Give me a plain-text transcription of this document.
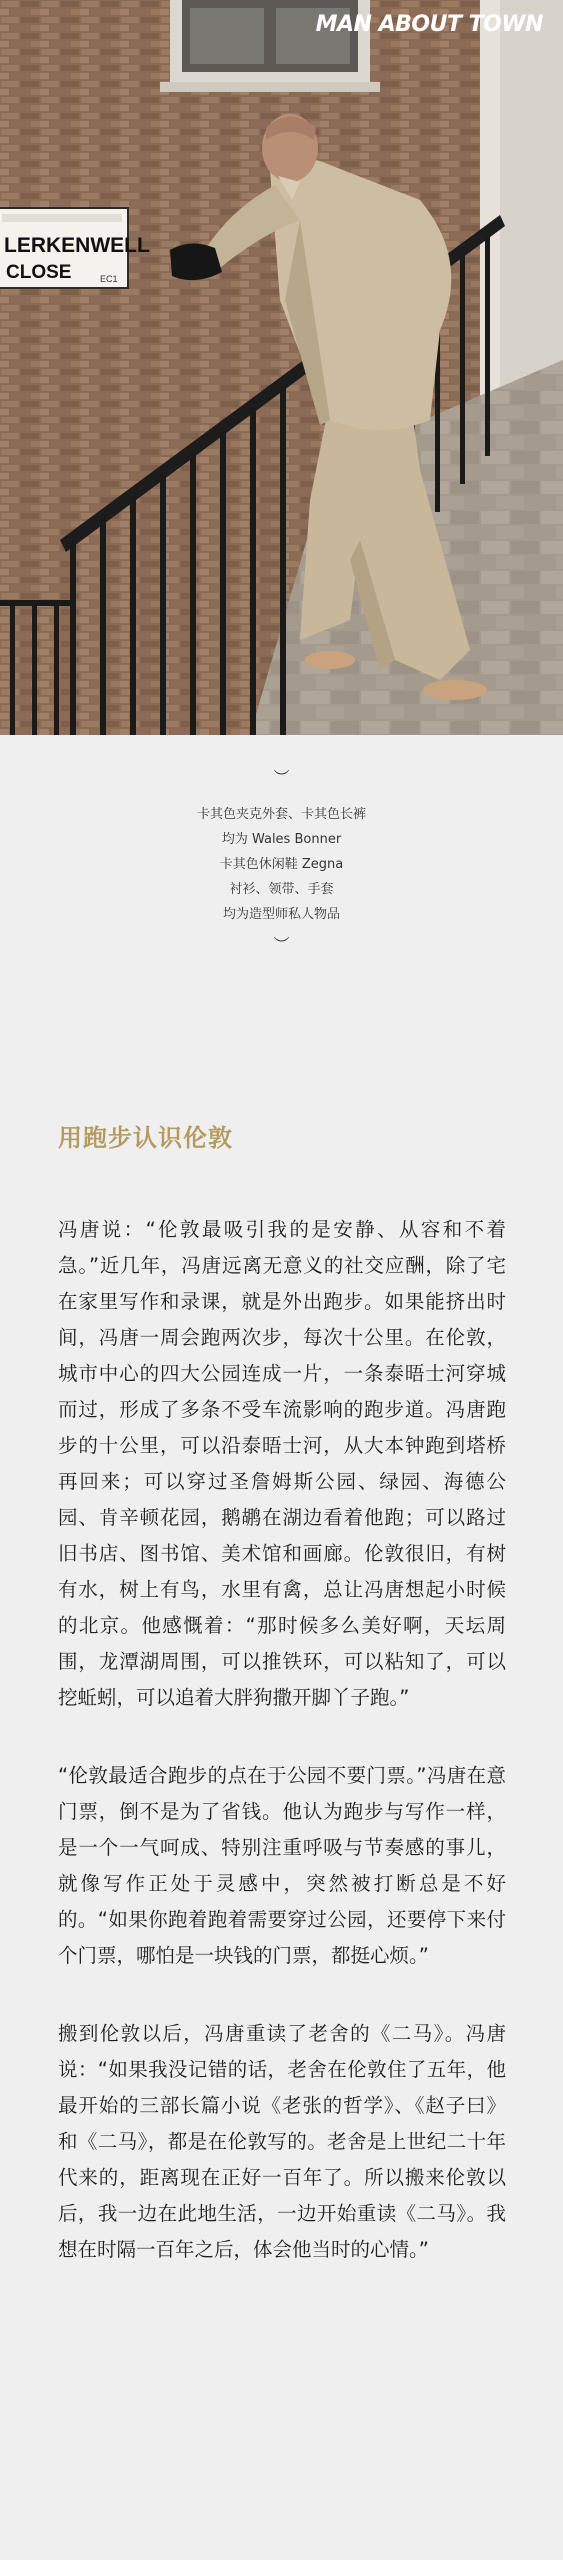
LERKENWELL
CLOSE	EC1
MAN ABOUT TOWN
︶
卡其色夹克外套、卡其色长裤
均为 Wales Bonner
卡其色休闲鞋 Zegna
衬衫、领带、手套
均为造型师私人物品
︶
用跑步认识伦敦

冯唐说：“伦敦最吸引我的是安静、从容和不着急。”近几年，冯唐远离无意义的社交应酬，除了宅在家里写作和录课，就是外出跑步。如果能挤出时间，冯唐一周会跑两次步，每次十公里。在伦敦，城市中心的四大公园连成一片，一条泰晤士河穿城而过，形成了多条不受车流影响的跑步道。冯唐跑步的十公里，可以沿泰晤士河，从大本钟跑到塔桥再回来；可以穿过圣詹姆斯公园、绿园、海德公园、肯辛顿花园，鹅鹕在湖边看着他跑；可以路过旧书店、图书馆、美术馆和画廊。伦敦很旧，有树有水，树上有鸟，水里有禽，总让冯唐想起小时候的北京。他感慨着：“那时候多么美好啊，天坛周围，龙潭湖周围，可以推铁环，可以粘知了，可以挖蚯蚓，可以追着大胖狗撒开脚丫子跑。”

“伦敦最适合跑步的点在于公园不要门票。”冯唐在意门票，倒不是为了省钱。他认为跑步与写作一样，是一个一气呵成、特别注重呼吸与节奏感的事儿，就像写作正处于灵感中，突然被打断总是不好的。“如果你跑着跑着需要穿过公园，还要停下来付个门票，哪怕是一块钱的门票，都挺心烦。”

搬到伦敦以后，冯唐重读了老舍的《二马》。冯唐说：“如果我没记错的话，老舍在伦敦住了五年，他最开始的三部长篇小说《老张的哲学》、《赵子曰》和《二马》，都是在伦敦写的。老舍是上世纪二十年代来的，距离现在正好一百年了。所以搬来伦敦以后，我一边在此地生活，一边开始重读《二马》。我想在时隔一百年之后，体会他当时的心情。”
